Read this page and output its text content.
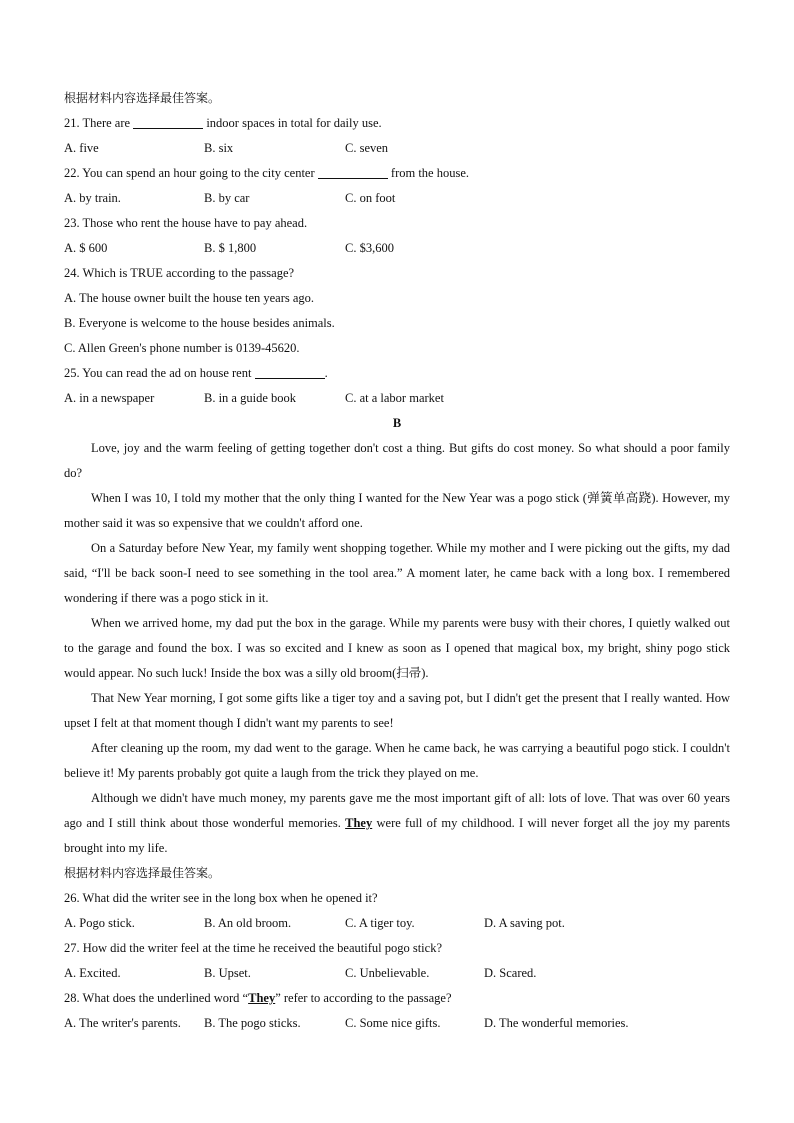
根据材料内容选择最佳答案。
21. There are	indoor spaces in total for daily use.
A. five	B. six	C. seven
22. You can spend an hour going to the city center	from the house.
A. by train.	B. by car	C. on foot
23. Those who rent the house have to pay ahead.
A. $ 600	B. $ 1,800	C. $3,600
24. Which is TRUE according to the passage?
A. The house owner built the house ten years ago.
B. Everyone is welcome to the house besides animals.
C. Allen Green's phone number is 0139-45620.
25. You can read the ad on house rent	.
A. in a newspaper	B. in a guide book	C. at a labor market
B

Love, joy and the warm feeling of getting together don't cost a thing. But gifts do cost money. So what should a poor family do?

When I was 10, I told my mother that the only thing I wanted for the New Year was a pogo stick (弹簧单高跷). However, my mother said it was so expensive that we couldn't afford one.

On a Saturday before New Year, my family went shopping together. While my mother and I were picking out the gifts, my dad said, “I'll be back soon-I need to see something in the tool area.” A moment later, he came back with a long box. I remembered wondering if there was a pogo stick in it.

When we arrived home, my dad put the box in the garage. While my parents were busy with their chores, I quietly walked out to the garage and found the box. I was so excited and I knew as soon as I opened that magical box, my bright, shiny pogo stick would appear. No such luck! Inside the box was a silly old broom(扫帚).

That New Year morning, I got some gifts like a tiger toy and a saving pot, but I didn't get the present that I really wanted. How upset I felt at that moment though I didn't want my parents to see!

After cleaning up the room, my dad went to the garage. When he came back, he was carrying a beautiful pogo stick. I couldn't believe it! My parents probably got quite a laugh from the trick they played on me.

Although we didn't have much money, my parents gave me the most important gift of all: lots of love. That was over 60 years ago and I still think about those wonderful memories. They were full of my childhood. I will never forget all the joy my parents brought into my life.

根据材料内容选择最佳答案。
26. What did the writer see in the long box when he opened it?
A. Pogo stick.	B. An old broom.	C. A tiger toy.	D. A saving pot.
27. How did the writer feel at the time he received the beautiful pogo stick?
A. Excited.	B. Upset.	C. Unbelievable.	D. Scared.
28. What does the underlined word “They” refer to according to the passage?
A. The writer's parents. B. The pogo sticks.	C. Some nice gifts.	D. The wonderful memories.
